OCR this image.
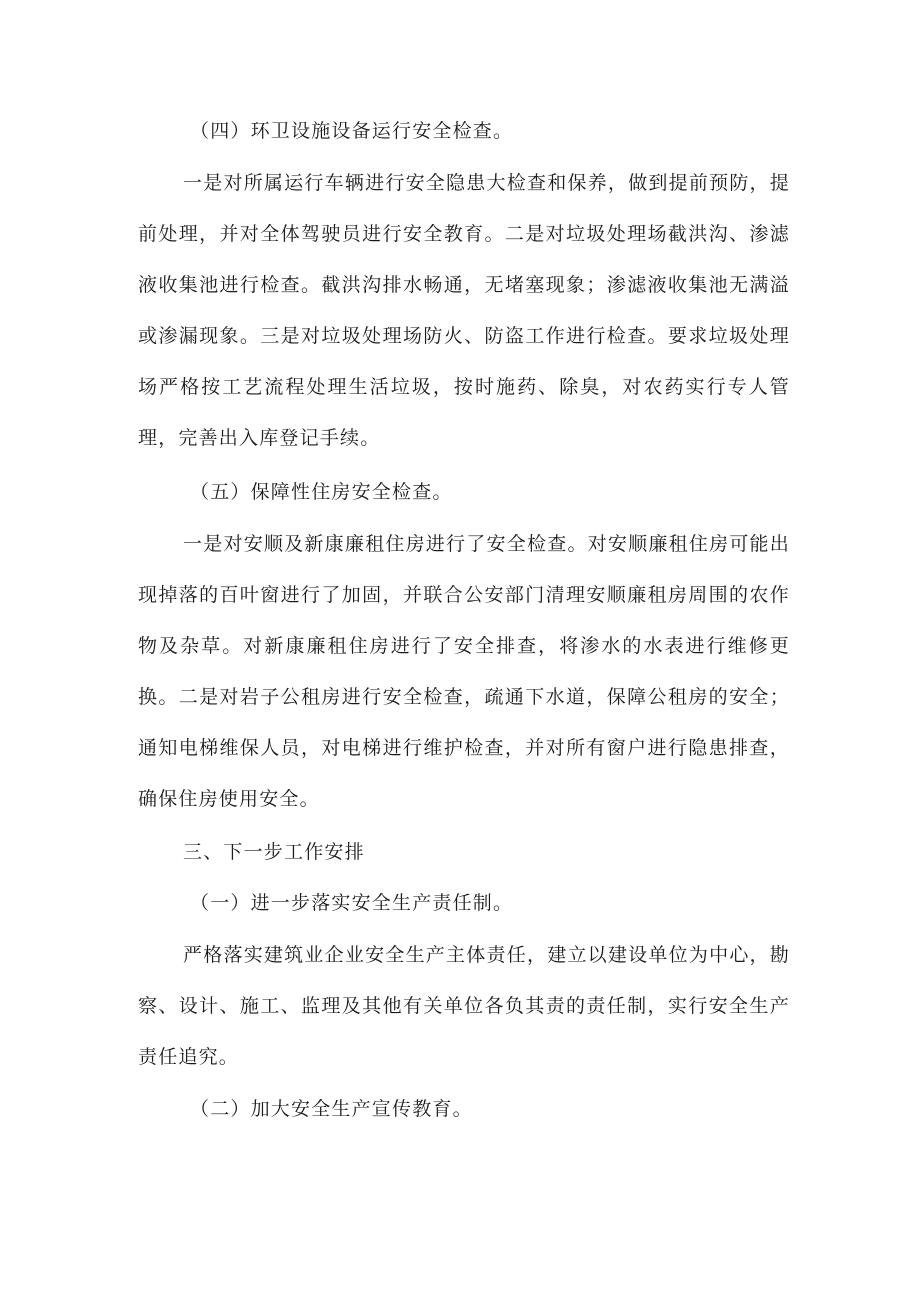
（四）环卫设施设备运行安全检查。

一是对所属运行车辆进行安全隐患大检查和保养，做到提前预防，提前处理，并对全体驾驶员进行安全教育。二是对垃圾处理场截洪沟、渗滤液收集池进行检查。截洪沟排水畅通，无堵塞现象；渗滤液收集池无满溢或渗漏现象。三是对垃圾处理场防火、防盗工作进行检查。要求垃圾处理场严格按工艺流程处理生活垃圾，按时施药、除臭，对农药实行专人管理，完善出入库登记手续。

（五）保障性住房安全检查。

一是对安顺及新康廉租住房进行了安全检查。对安顺廉租住房可能出现掉落的百叶窗进行了加固，并联合公安部门清理安顺廉租房周围的农作物及杂草。对新康廉租住房进行了安全排查，将渗水的水表进行维修更换。二是对岩子公租房进行安全检查，疏通下水道，保障公租房的安全；通知电梯维保人员，对电梯进行维护检查，并对所有窗户进行隐患排查，确保住房使用安全。

三、下一步工作安排

（一）进一步落实安全生产责任制。

严格落实建筑业企业安全生产主体责任，建立以建设单位为中心，勘察、设计、施工、监理及其他有关单位各负其责的责任制，实行安全生产责任追究。

（二）加大安全生产宣传教育。
